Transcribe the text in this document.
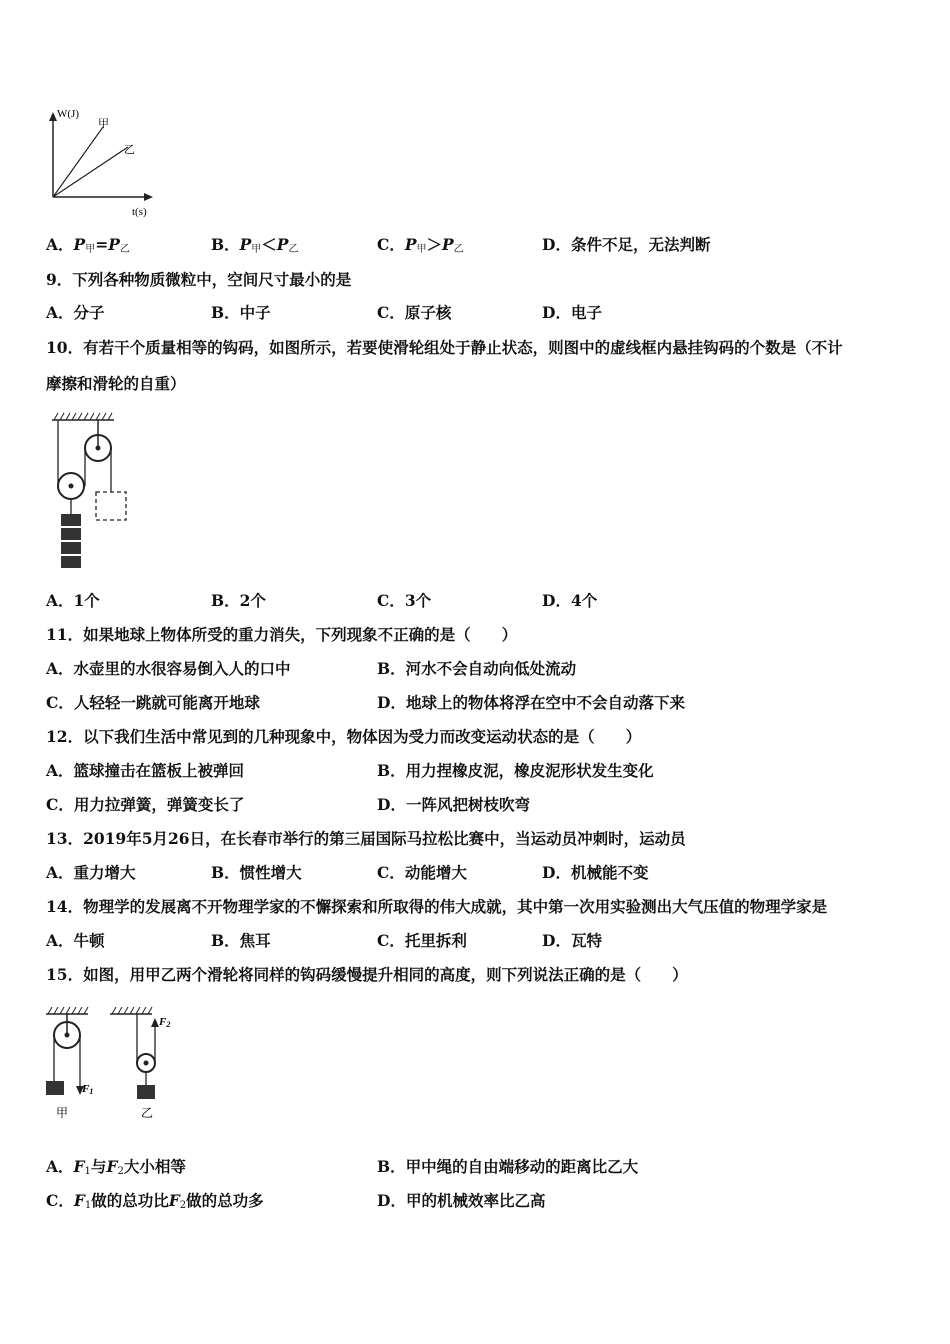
W(J)
t(s)
甲
乙
A．$P_甲=P_乙$	B．$P_甲<P_乙$	C．$P_甲>P_乙$	D．条件不足，无法判断
9．下列各种物质微粒中，空间尺寸最小的是
A．分子	B．中子	C．原子核	D．电子
10．有若干个质量相等的钩码，如图所示，若要使滑轮组处于静止状态，则图中的虚线框内悬挂钩码的个数是（不计
摩擦和滑轮的自重）
A．1个	B．2个	C．3个	D．4个
11．如果地球上物体所受的重力消失，下列现象不正确的是（　　）
A．水壶里的水很容易倒入人的口中	B．河水不会自动向低处流动
C．人轻轻一跳就可能离开地球	D．地球上的物体将浮在空中不会自动落下来
12．以下我们生活中常见到的几种现象中，物体因为受力而改变运动状态的是（　　）
A．篮球撞击在篮板上被弹回	B．用力捏橡皮泥，橡皮泥形状发生变化
C．用力拉弹簧，弹簧变长了	D．一阵风把树枝吹弯
13．2019年5月26日，在长春市举行的第三届国际马拉松比赛中，当运动员冲刺时，运动员
A．重力增大	B．惯性增大	C．动能增大	D．机械能不变
14．物理学的发展离不开物理学家的不懈探索和所取得的伟大成就，其中第一次用实验测出大气压值的物理学家是
A．牛顿	B．焦耳	C．托里拆利	D．瓦特
15．如图，用甲乙两个滑轮将同样的钩码缓慢提升相同的高度，则下列说法正确的是（　　）
F1
甲
F2
乙
A．$F_1$与$F_2$大小相等	B．甲中绳的自由端移动的距离比乙大
C．$F_1$做的总功比$F_2$做的总功多	D．甲的机械效率比乙高
